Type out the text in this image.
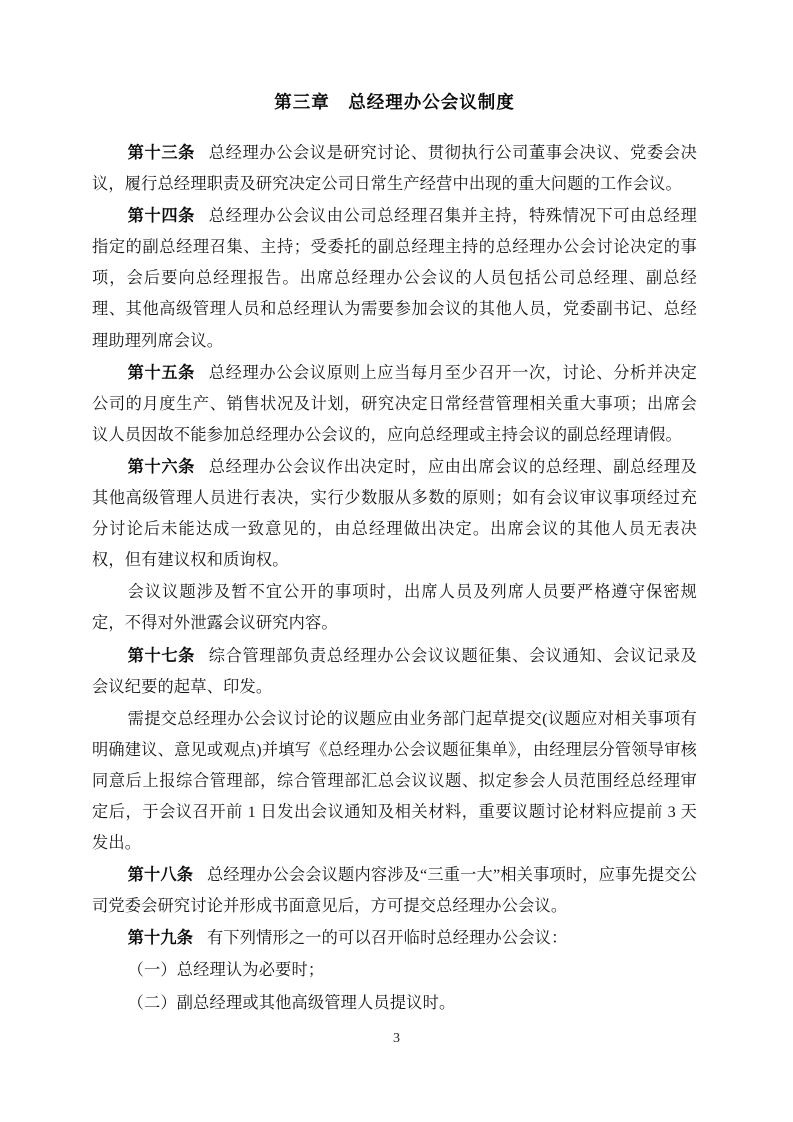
第三章　总经理办公会议制度

第十三条 总经理办公会议是研究讨论、贯彻执行公司董事会决议、党委会决议，履行总经理职责及研究决定公司日常生产经营中出现的重大问题的工作会议。

第十四条 总经理办公会议由公司总经理召集并主持，特殊情况下可由总经理指定的副总经理召集、主持；受委托的副总经理主持的总经理办公会讨论决定的事项，会后要向总经理报告。出席总经理办公会议的人员包括公司总经理、副总经理、其他高级管理人员和总经理认为需要参加会议的其他人员，党委副书记、总经理助理列席会议。

第十五条 总经理办公会议原则上应当每月至少召开一次，讨论、分析并决定公司的月度生产、销售状况及计划，研究决定日常经营管理相关重大事项；出席会议人员因故不能参加总经理办公会议的，应向总经理或主持会议的副总经理请假。

第十六条 总经理办公会议作出决定时，应由出席会议的总经理、副总经理及其他高级管理人员进行表决，实行少数服从多数的原则；如有会议审议事项经过充分讨论后未能达成一致意见的，由总经理做出决定。出席会议的其他人员无表决权，但有建议权和质询权。

会议议题涉及暂不宜公开的事项时，出席人员及列席人员要严格遵守保密规定，不得对外泄露会议研究内容。

第十七条 综合管理部负责总经理办公会议议题征集、会议通知、会议记录及会议纪要的起草、印发。

需提交总经理办公会议讨论的议题应由业务部门起草提交(议题应对相关事项有明确建议、意见或观点)并填写《总经理办公会议题征集单》，由经理层分管领导审核同意后上报综合管理部，综合管理部汇总会议议题、拟定参会人员范围经总经理审定后，于会议召开前 1 日发出会议通知及相关材料，重要议题讨论材料应提前 3 天发出。

第十八条 总经理办公会会议题内容涉及“三重一大”相关事项时，应事先提交公司党委会研究讨论并形成书面意见后，方可提交总经理办公会议。

第十九条 有下列情形之一的可以召开临时总经理办公会议：

（一）总经理认为必要时；

（二）副总经理或其他高级管理人员提议时。

3
